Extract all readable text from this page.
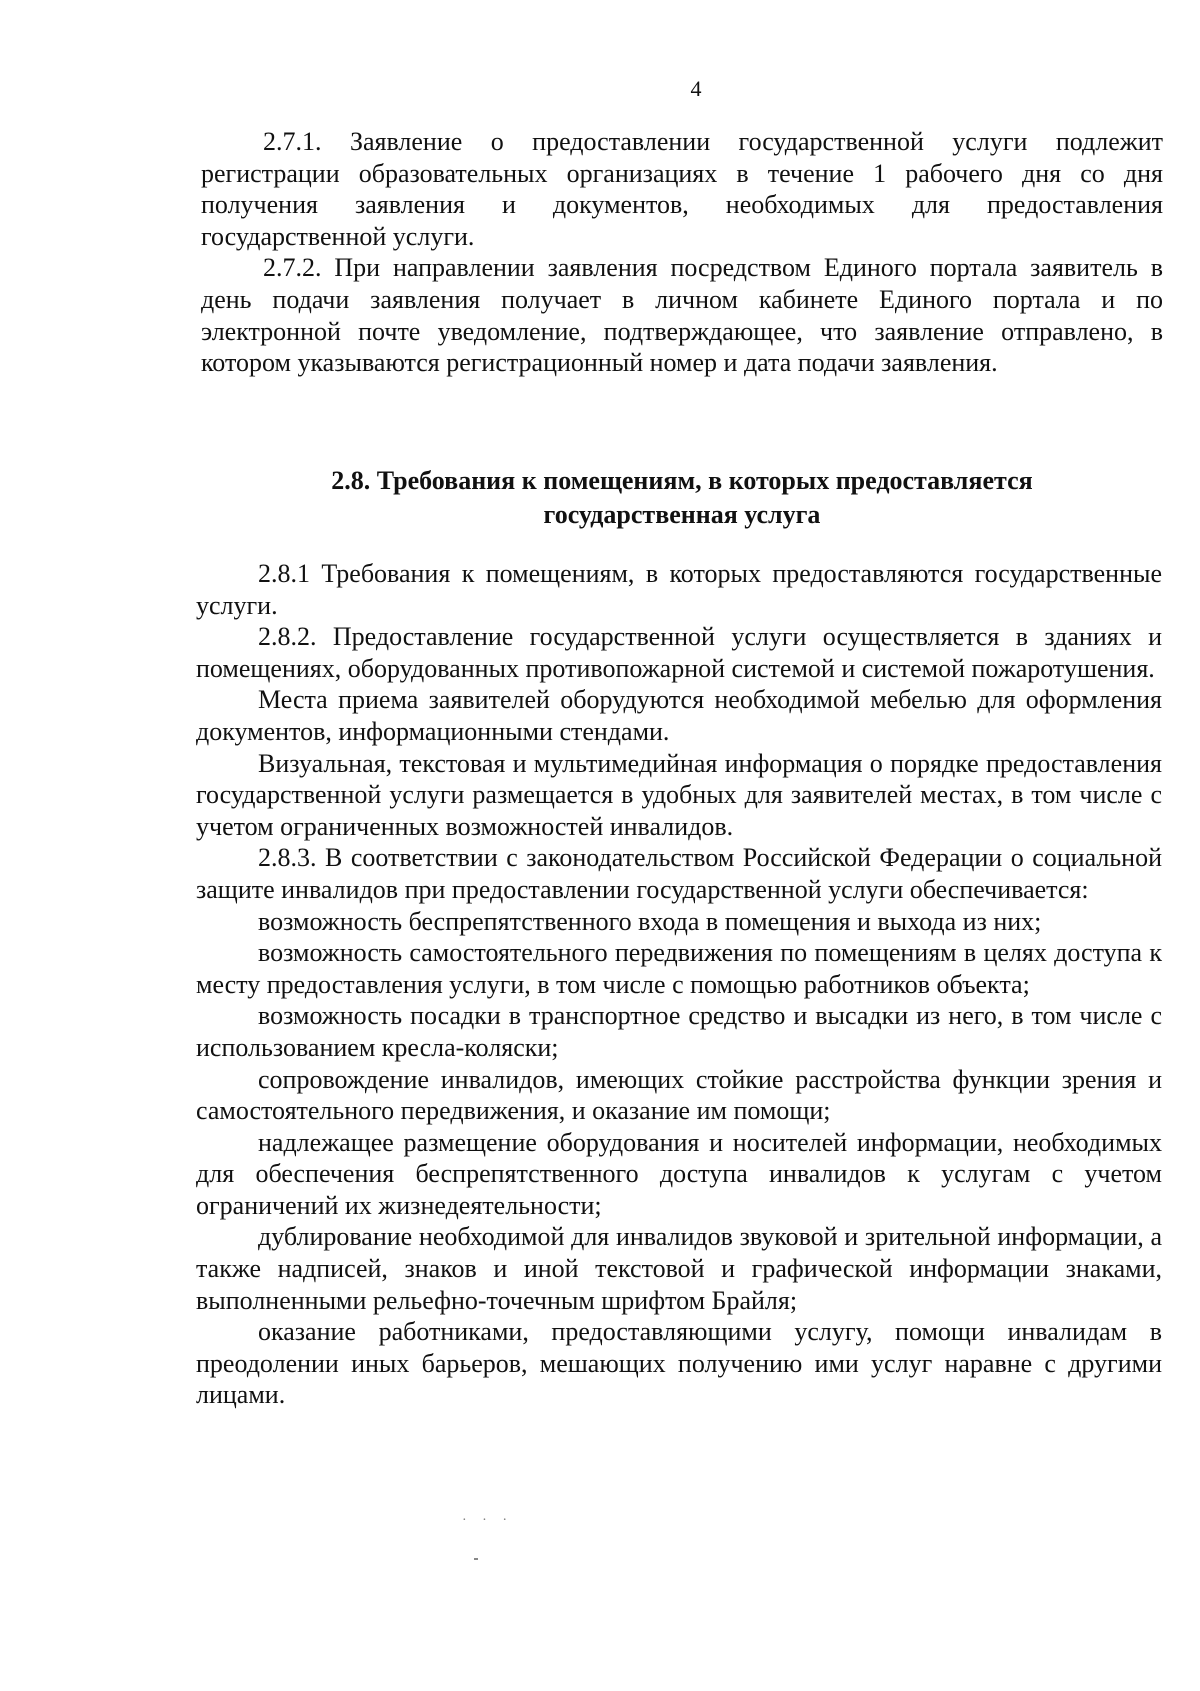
4

2.7.1. Заявление о предоставлении государственной услуги подлежит регистрации образовательных организациях в течение 1 рабочего дня со дня получения заявления и документов, необходимых для предоставления государственной услуги.

2.7.2. При направлении заявления посредством Единого портала заявитель в день подачи заявления получает в личном кабинете Единого портала и по электронной почте уведомление, подтверждающее, что заявление отправлено, в котором указываются регистрационный номер и дата подачи заявления.

2.8. Требования к помещениям, в которых предоставляется
государственная услуга

2.8.1 Требования к помещениям, в которых предоставляются государственные услуги.

2.8.2. Предоставление государственной услуги осуществляется в зданиях и помещениях, оборудованных противопожарной системой и системой пожаротушения.

Места приема заявителей оборудуются необходимой мебелью для оформления документов, информационными стендами.

Визуальная, текстовая и мультимедийная информация о порядке предоставления государственной услуги размещается в удобных для заявителей местах, в том числе с учетом ограниченных возможностей инвалидов.

2.8.3. В соответствии с законодательством Российской Федерации о социальной защите инвалидов при предоставлении государственной услуги обеспечивается:

возможность беспрепятственного входа в помещения и выхода из них;

возможность самостоятельного передвижения по помещениям в целях доступа к месту предоставления услуги, в том числе с помощью работников объекта;

возможность посадки в транспортное средство и высадки из него, в том числе с использованием кресла-коляски;

сопровождение инвалидов, имеющих стойкие расстройства функции зрения и самостоятельного передвижения, и оказание им помощи;

надлежащее размещение оборудования и носителей информации, необходимых для обеспечения беспрепятственного доступа инвалидов к услугам с учетом ограничений их жизнедеятельности;

дублирование необходимой для инвалидов звуковой и зрительной информации, а также надписей, знаков и иной текстовой и графической информации знаками, выполненными рельефно-точечным шрифтом Брайля;

оказание работниками, предоставляющими услугу, помощи инвалидам в преодолении иных барьеров, мешающих получению ими услуг наравне с другими лицами.

· · ·
